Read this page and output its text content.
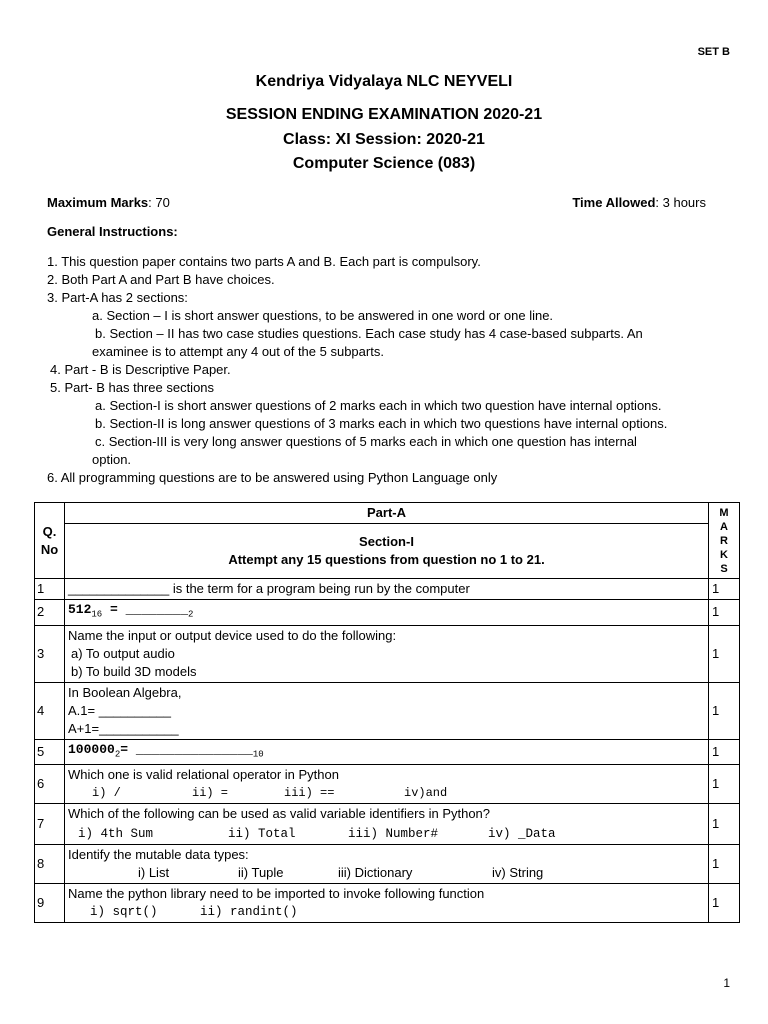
SET B
Kendriya Vidyalaya NLC NEYVELI
SESSION ENDING EXAMINATION 2020-21
Class: XI Session: 2020-21
Computer Science (083)
Maximum Marks: 70	Time Allowed: 3 hours
General Instructions:
1. This question paper contains two parts A and B. Each part is compulsory.
2. Both Part A and Part B have choices.
3. Part-A has 2 sections:
a. Section – I is short answer questions, to be answered in one word or one line.
b. Section – II has two case studies questions. Each case study has 4 case-based subparts. An
examinee is to attempt any 4 out of the 5 subparts.
4. Part - B is Descriptive Paper.
5. Part- B has three sections
a. Section-I is short answer questions of 2 marks each in which two question have internal options.
b. Section-II is long answer questions of 3 marks each in which two questions have internal options.
c. Section-III is very long answer questions of 5 marks each in which one question has internal
option.
6. All programming questions are to be answered using Python Language only
Q. No	Part-A	M
A
R
K
S

	Section-I
Attempt any 15 questions from question no 1 to 21.	

1	______________ is the term for a program being run by the computer	1
2	$512_{16}$ = $\_\_\_\_\_\_\_\__2$	1
3	Name the input or output device used to do the following:
a) To output audio
b) To build 3D models	1
4	In Boolean Algebra,
A.1= __________
A+1=___________	1
5	$100000_2=$ $\_\_\_\_\_\_\_\_\_\_\_\_\_\_\__{10}$	1
6	Which one is valid relational operator in Python
i) / ii) = iii) == iv)and	1
7	Which of the following can be used as valid variable identifiers in Python?
i) 4th Sum ii) Total iii) Number# iv) _Data	1
8	Identify the mutable data types:
i) List ii) Tuple iii) Dictionary iv) String	1
9	Name the python library need to be imported to invoke following function
i) sqrt() ii) randint()	1
1
